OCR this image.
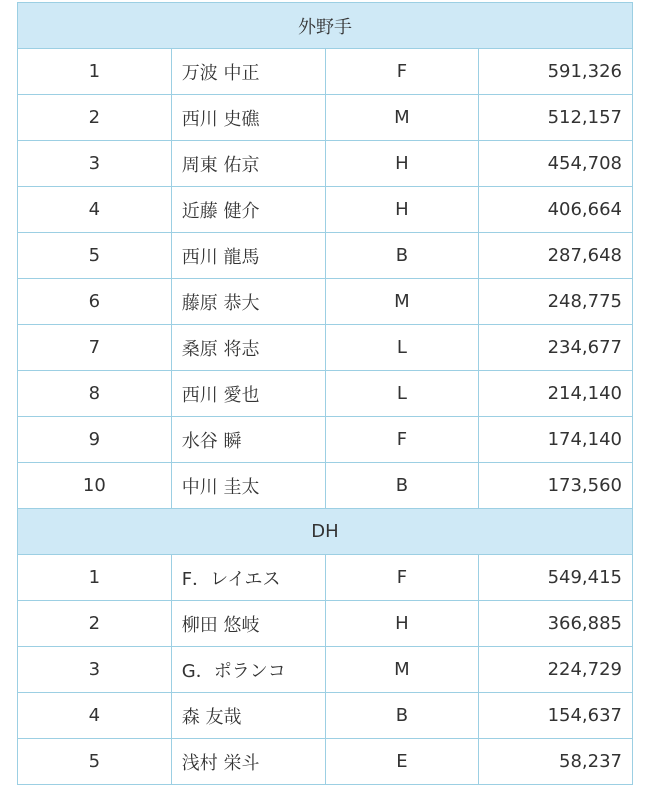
外野手			
1	万波 中正	F	591,326
2	西川 史礁	M	512,157
3	周東 佑京	H	454,708
4	近藤 健介	H	406,664
5	西川 龍馬	B	287,648
6	藤原 恭大	M	248,775
7	桑原 将志	L	234,677
8	西川 愛也	L	214,140
9	水谷 瞬	F	174,140
10	中川 圭太	B	173,560
DH			
1	F．レイエス	F	549,415
2	柳田 悠岐	H	366,885
3	G．ポランコ	M	224,729
4	森 友哉	B	154,637
5	浅村 栄斗	E	58,237
